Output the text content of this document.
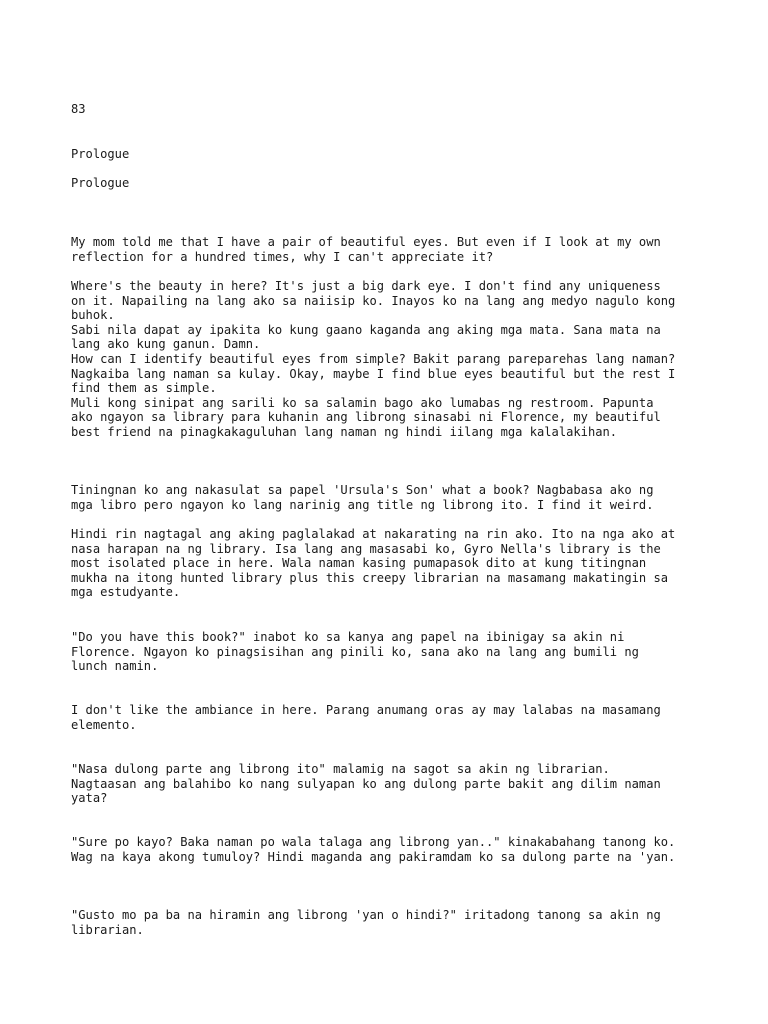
83

Prologue

Prologue

My mom told me that I have a pair of beautiful eyes. But even if I look at my own
reflection for a hundred times, why I can't appreciate it?

Where's the beauty in here? It's just a big dark eye. I don't find any uniqueness
on it. Napailing na lang ako sa naiisip ko. Inayos ko na lang ang medyo nagulo kong
buhok.
Sabi nila dapat ay ipakita ko kung gaano kaganda ang aking mga mata. Sana mata na
lang ako kung ganun. Damn.
How can I identify beautiful eyes from simple? Bakit parang pareparehas lang naman?
Nagkaiba lang naman sa kulay. Okay, maybe I find blue eyes beautiful but the rest I
find them as simple.
Muli kong sinipat ang sarili ko sa salamin bago ako lumabas ng restroom. Papunta
ako ngayon sa library para kuhanin ang librong sinasabi ni Florence, my beautiful
best friend na pinagkakaguluhan lang naman ng hindi iilang mga kalalakihan.

Tiningnan ko ang nakasulat sa papel 'Ursula's Son' what a book? Nagbabasa ako ng
mga libro pero ngayon ko lang narinig ang title ng librong ito. I find it weird.

Hindi rin nagtagal ang aking paglalakad at nakarating na rin ako. Ito na nga ako at
nasa harapan na ng library. Isa lang ang masasabi ko, Gyro Nella's library is the
most isolated place in here. Wala naman kasing pumapasok dito at kung titingnan
mukha na itong hunted library plus this creepy librarian na masamang makatingin sa
mga estudyante.

"Do you have this book?" inabot ko sa kanya ang papel na ibinigay sa akin ni
Florence. Ngayon ko pinagsisihan ang pinili ko, sana ako na lang ang bumili ng
lunch namin.

I don't like the ambiance in here. Parang anumang oras ay may lalabas na masamang
elemento.

"Nasa dulong parte ang librong ito" malamig na sagot sa akin ng librarian.
Nagtaasan ang balahibo ko nang sulyapan ko ang dulong parte bakit ang dilim naman
yata?

"Sure po kayo? Baka naman po wala talaga ang librong yan.." kinakabahang tanong ko.
Wag na kaya akong tumuloy? Hindi maganda ang pakiramdam ko sa dulong parte na 'yan.

"Gusto mo pa ba na hiramin ang librong 'yan o hindi?" iritadong tanong sa akin ng
librarian.
